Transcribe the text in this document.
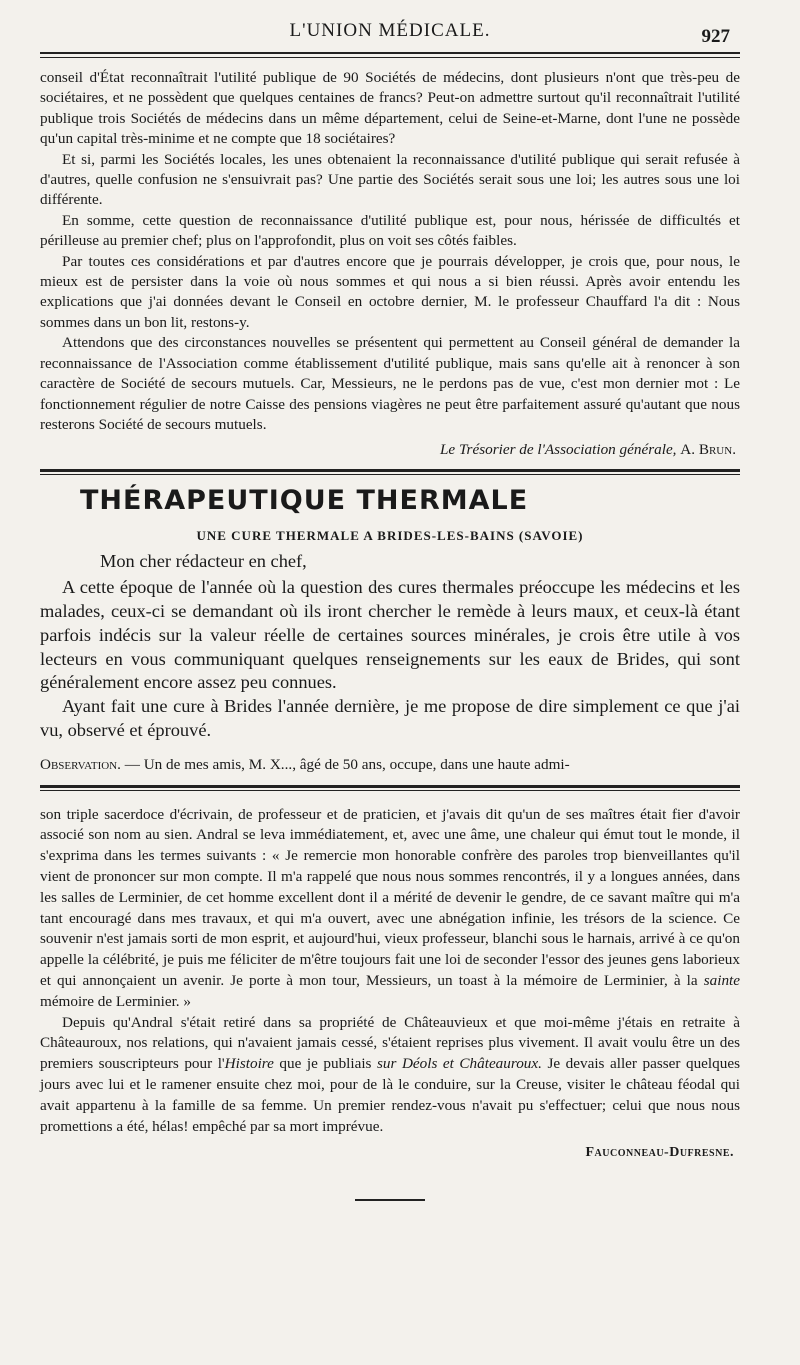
L'UNION MÉDICALE.	927

conseil d'État reconnaîtrait l'utilité publique de 90 Sociétés de médecins, dont plusieurs n'ont que très-peu de sociétaires, et ne possèdent que quelques centaines de francs? Peut-on admettre surtout qu'il reconnaîtrait l'utilité publique trois Sociétés de médecins dans un même département, celui de Seine-et-Marne, dont l'une ne possède qu'un capital très-minime et ne compte que 18 sociétaires?

Et si, parmi les Sociétés locales, les unes obtenaient la reconnaissance d'utilité publique qui serait refusée à d'autres, quelle confusion ne s'ensuivrait pas? Une partie des Sociétés serait sous une loi; les autres sous une loi différente.

En somme, cette question de reconnaissance d'utilité publique est, pour nous, hérissée de difficultés et périlleuse au premier chef; plus on l'approfondit, plus on voit ses côtés faibles.

Par toutes ces considérations et par d'autres encore que je pourrais développer, je crois que, pour nous, le mieux est de persister dans la voie où nous sommes et qui nous a si bien réussi. Après avoir entendu les explications que j'ai données devant le Conseil en octobre dernier, M. le professeur Chauffard l'a dit : Nous sommes dans un bon lit, restons-y.

Attendons que des circonstances nouvelles se présentent qui permettent au Conseil général de demander la reconnaissance de l'Association comme établissement d'utilité publique, mais sans qu'elle ait à renoncer à son caractère de Société de secours mutuels. Car, Messieurs, ne le perdons pas de vue, c'est mon dernier mot : Le fonctionnement régulier de notre Caisse des pensions viagères ne peut être parfaitement assuré qu'autant que nous resterons Société de secours mutuels.

Le Trésorier de l'Association générale, A. Brun.
THÉRAPEUTIQUE THERMALE
UNE CURE THERMALE A BRIDES-LES-BAINS (SAVOIE)

Mon cher rédacteur en chef,

A cette époque de l'année où la question des cures thermales préoccupe les médecins et les malades, ceux-ci se demandant où ils iront chercher le remède à leurs maux, et ceux-là étant parfois indécis sur la valeur réelle de certaines sources minérales, je crois être utile à vos lecteurs en vous communiquant quelques renseignements sur les eaux de Brides, qui sont généralement encore assez peu connues.

Ayant fait une cure à Brides l'année dernière, je me propose de dire simplement ce que j'ai vu, observé et éprouvé.

Observation. — Un de mes amis, M. X..., âgé de 50 ans, occupe, dans une haute admi-

son triple sacerdoce d'écrivain, de professeur et de praticien, et j'avais dit qu'un de ses maîtres était fier d'avoir associé son nom au sien. Andral se leva immédiatement, et, avec une âme, une chaleur qui émut tout le monde, il s'exprima dans les termes suivants : « Je remercie mon honorable confrère des paroles trop bienveillantes qu'il vient de prononcer sur mon compte. Il m'a rappelé que nous nous sommes rencontrés, il y a longues années, dans les salles de Lerminier, de cet homme excellent dont il a mérité de devenir le gendre, de ce savant maître qui m'a tant encouragé dans mes travaux, et qui m'a ouvert, avec une abnégation infinie, les trésors de la science. Ce souvenir n'est jamais sorti de mon esprit, et aujourd'hui, vieux professeur, blanchi sous le harnais, arrivé à ce qu'on appelle la célébrité, je puis me féliciter de m'être toujours fait une loi de seconder l'essor des jeunes gens laborieux et qui annonçaient un avenir. Je porte à mon tour, Messieurs, un toast à la mémoire de Lerminier, à la sainte mémoire de Lerminier. »

Depuis qu'Andral s'était retiré dans sa propriété de Châteauvieux et que moi-même j'étais en retraite à Châteauroux, nos relations, qui n'avaient jamais cessé, s'étaient reprises plus vivement. Il avait voulu être un des premiers souscripteurs pour l'Histoire que je publiais sur Déols et Châteauroux. Je devais aller passer quelques jours avec lui et le ramener ensuite chez moi, pour de là le conduire, sur la Creuse, visiter le château féodal qui avait appartenu à la famille de sa femme. Un premier rendez-vous n'avait pu s'effectuer; celui que nous nous promettions a été, hélas! empêché par sa mort imprévue.

Fauconneau-Dufresne.
